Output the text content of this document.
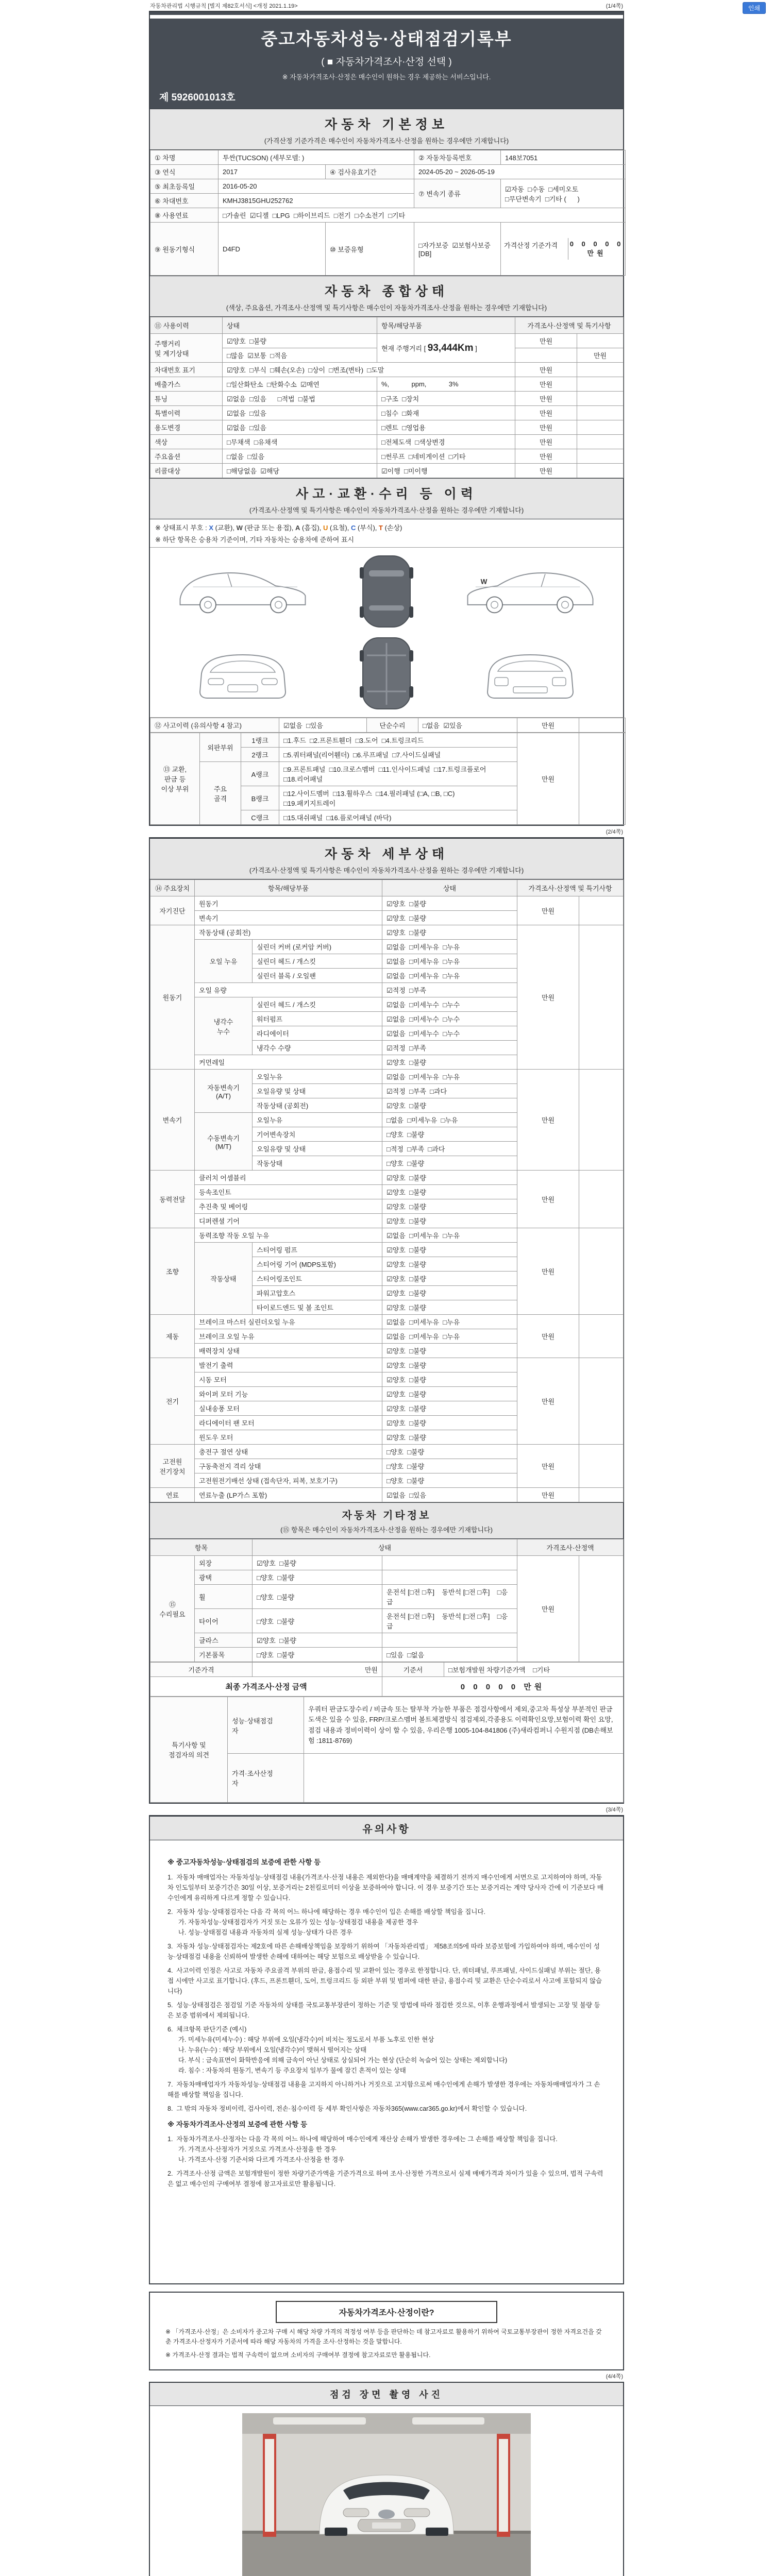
인쇄
자동차관리법 시행규칙 [별지 제82호서식] <개정 2021.1.19>	(1/4쪽)
중고자동차성능·상태점검기록부
( ■ 자동차가격조사·산정 선택 )
※ 자동차가격조사·산정은 매수인이 원하는 경우 제공하는 서비스입니다.
제 5926001013호
자동차 기본정보
(가격산정 기준가격은 매수인이 자동차가격조사·산정을 원하는 경우에만 기재합니다)
① 차명	투싼(TUCSON) (세부모델: )		② 자동차등록번호	148보7051
③ 연식	2017	④ 검사유효기간	2024-05-20 ~ 2026-05-19	
⑤ 최초등록일	2016-05-20		⑦ 변속기 종류	☑자동  □수동  □세미오토
□무단변속기  □기타 (      )
⑥ 차대번호	KMHJ3815GHU252762			
⑧ 사용연료	□가솔린  ☑디젤  □LPG  □하이브리드  □전기  □수소전기  □기타			
⑨ 원동기형식	D4FD	⑩ 보증유형	□자가보증  ☑보험사보증 [DB]	가격산정 기준가격 0 0 0 0 0 만원

자동차 종합상태
(색상, 주요옵션, 가격조사·산정액 및 특기사항은 매수인이 자동차가격조사·산정을 원하는 경우에만 기재합니다)
⑪ 사용이력	상태	항목/해당부품	가격조사·산정액 및 특기사항		
주행거리
및 계기상태	☑양호  □불량	현재 주행거리 [ 93,444Km ]	만원		
	□많음  ☑보통  □적음			만원	
차대번호 표기	☑양호  □부식  □훼손(오손)  □상이  □변조(변타)  □도말		만원		
배출가스	□일산화탄소  □탄화수소  ☑매연	%,            ppm,            3%	만원		
튜닝	☑없음  □있음      □적법  □불법	□구조  □장치	만원		
특별이력	☑없음  □있음	□침수  □화재	만원		
용도변경	☑없음  □있음	□렌트  □영업용	만원		
색상	□무채색  □유채색	□전체도색  □색상변경	만원		
주요옵션	□없음  □있음	□썬루프  □네비게이션  □기타	만원		
리콜대상	□해당없음  ☑해당	☑이행  □미이행	만원		
사고·교환·수리 등 이력
(가격조사·산정액 및 특기사항은 매수인이 자동차가격조사·산정을 원하는 경우에만 기재합니다)
※ 상태표시 부호 : X (교환), W (판금 또는 용접), A (흠집), U (요철), C (부식), T (손상)
※ 하단 항목은 승용차 기준이며, 기타 자동차는 승용차에 준하여 표시
W
⑫ 사고이력 (유의사항 4 참고)	☑없음  □있음	단순수리	□없음  ☑있음	만원	
⑬ 교환,
판금 등
이상 부위	외판부위	1랭크	□1.후드  □2.프론트휀더  □3.도어  □4.트렁크리드	만원	
		2랭크	□5.쿼터패널(리어휀더)  □6.루프패널  □7.사이드실패널		
	주요
골격	A랭크	□9.프론트패널  □10.크로스멤버  □11.인사이드패널  □17.트렁크플로어
□18.리어패널		
		B랭크	□12.사이드멤버  □13.휠하우스  □14.필러패널 (□A, □B, □C)
□19.패키지트레이		
		C랭크	□15.대쉬패널  □16.플로어패널 (바닥)		
(2/4쪽)
자동차 세부상태
(가격조사·산정액 및 특기사항은 매수인이 자동차가격조사·산정을 원하는 경우에만 기재합니다)
⑭ 주요장치	항목/해당부품		상태	가격조사·산정액 및 특기사항	
자기진단	원동기		☑양호  □불량	만원	
	변속기		☑양호  □불량		
원동기	작동상태 (공회전)		☑양호  □불량	만원	
	오일 누유	실린더 커버 (로커암 커버)	☑없음  □미세누유  □누유		
		실린더 헤드 / 개스킷	☑없음  □미세누유  □누유		
		실린더 블록 / 오일팬	☑없음  □미세누유  □누유		
	오일 유량		☑적정  □부족		
	냉각수
누수	실린더 헤드 / 개스킷	☑없음  □미세누수  □누수		
		워터펌프	☑없음  □미세누수  □누수		
		라디에이터	☑없음  □미세누수  □누수		
		냉각수 수량	☑적정  □부족		
	커먼레일		☑양호  □불량		
변속기	자동변속기
(A/T)	오일누유	☑없음  □미세누유  □누유	만원	
		오일유량 및 상태	☑적정  □부족  □과다		
		작동상태 (공회전)	☑양호  □불량		
	수동변속기
(M/T)	오일누유	□없음  □미세누유  □누유		
		기어변속장치	□양호  □불량		
		오일유량 및 상태	□적정  □부족  □과다		
		작동상태	□양호  □불량		
동력전달	클러치 어셈블리		☑양호  □불량	만원	
	등속조인트		☑양호  □불량		
	추진축 및 베어링		☑양호  □불량		
	디퍼렌셜 기어		☑양호  □불량		
조향	동력조향 작동 오일 누유		☑없음  □미세누유  □누유	만원	
	작동상태	스티어링 펌프	☑양호  □불량		
		스티어링 기어 (MDPS포함)	☑양호  □불량		
		스티어링조인트	☑양호  □불량		
		파워고압호스	☑양호  □불량		
		타이로드엔드 및 볼 조인트	☑양호  □불량		
제동	브레이크 마스터 실린더오일 누유		☑없음  □미세누유  □누유	만원	
	브레이크 오일 누유		☑없음  □미세누유  □누유		
	배력장치 상태		☑양호  □불량		
전기	발전기 출력		☑양호  □불량	만원	
	시동 모터		☑양호  □불량		
	와이퍼 모터 기능		☑양호  □불량		
	실내송풍 모터		☑양호  □불량		
	라디에이터 팬 모터		☑양호  □불량		
	윈도우 모터		☑양호  □불량		
고전원
전기장치	충전구 절연 상태		□양호  □불량	만원	
	구동축전지 격리 상태		□양호  □불량		
	고전원전기배선 상태 (접속단자, 피복, 보호기구)		□양호  □불량		
연료	연료누출 (LP가스 포함)		☑없음  □있음	만원	
자동차 기타정보
(⑮ 항목은 매수인이 자동차가격조사·산정을 원하는 경우에만 기재합니다)
항목		상태		가격조사·산정액	
⑮
수리필요	외장	☑양호  □불량		만원	
	광택	□양호  □불량			
	휠	□양호  □불량	운전석 [□전 □후]    동반석 [□전 □후]    □응급		
	타이어	□양호  □불량	운전석 [□전 □후]    동반석 [□전 □후]    □응급		
	글라스	☑양호  □불량			
	기본품목	□양호  □불량	□있음  □없음		
기준가격	만원	기준서	□보험개발원 차량기준가액    □기타
최종 가격조사·산정 금액		0 0 0 0 0 만원	
특기사항 및
점검자의 의견	성능·상태점검
자	우쿼터 판금도장수리 / 비금속 또는 탈부착 가능한 부품은 점검사항에서 제외,중고차 특성상 부분적인 판금도색은 있을 수 있음, FRP/크로스멤버 볼트체결방식 점검제외,각종용도 이력확인요망,보험이력 확인 요망, 점검 내용과 정비이력이 상이 할 수 있음, 우리은행 1005-104-841806 (주)새라컴퍼니 수원지점 (DB손해보험 :1811-8769)
	가격·조사산정
자	
(3/4쪽)
유의사항
※ 중고자동차성능·상태점검의 보증에 관한 사항 등
1.  자동차 매매업자는 자동차성능·상태점검 내용(가격조사·산정 내용은 제외한다)을 매매계약을 체결하기 전까지 매수인에게 서면으로 고지하여야 하며, 자동차 인도일부터 보증기간은 30일 이상, 보증거리는 2천킬로미터 이상을 보증하여야 합니다. 이 경우 보증기간 또는 보증거리는 계약 당사자 간에 이 기준보다 매수인에게 유리하게 다르게 정할 수 있습니다.
2.  자동차 성능·상태점검자는 다음 각 목의 어느 하나에 해당하는 경우 매수인이 입은 손해를 배상할 책임을 집니다.
가. 자동차성능·상태점검자가 거짓 또는 오류가 있는 성능·상태점검 내용을 제공한 경우
나. 성능·상태점검 내용과 자동차의 실제 성능·상태가 다른 경우
3.  자동차 성능·상태점검자는 제2호에 따른 손해배상책임을 보장하기 위하여 「자동차관리법」 제58조의5에 따라 보증보험에 가입하여야 하며, 매수인이 성능·상태점검 내용을 신뢰하여 발생한 손해에 대하여는 해당 보험으로 배상받을 수 있습니다.
4.  사고이력 인정은 사고로 자동차 주요골격 부위의 판금, 용접수리 및 교환이 있는 경우로 한정합니다. 단, 쿼터패널, 루프패널, 사이드실패널 부위는 절단, 용접 시에만 사고로 표기합니다. (후드, 프론트휀더, 도어, 트렁크리드 등 외판 부위 및 범퍼에 대한 판금, 용접수리 및 교환은 단순수리로서 사고에 포함되지 않습니다)
5.  성능·상태점검은 점검일 기준 자동차의 상태를 국토교통부장관이 정하는 기준 및 방법에 따라 점검한 것으로, 이후 운행과정에서 발생되는 고장 및 불량 등은 보증 범위에서 제외됩니다.
6.  체크항목 판단기준 (예시)
가. 미세누유(미세누수) : 해당 부위에 오일(냉각수)이 비치는 정도로서 부품 노후로 인한 현상
나. 누유(누수) : 해당 부위에서 오일(냉각수)이 맺혀서 떨어지는 상태
다. 부식 : 금속표면이 화학반응에 의해 금속이 아닌 상태로 상실되어 가는 현상 (단순히 녹슬어 있는 상태는 제외합니다)
라. 침수 : 자동차의 원동기, 변속기 등 주요장치 일부가 물에 잠긴 흔적이 있는 상태
7.  자동차매매업자가 자동차성능·상태점검 내용을 고지하지 아니하거나 거짓으로 고지함으로써 매수인에게 손해가 발생한 경우에는 자동차매매업자가 그 손해를 배상할 책임을 집니다.
8.  그 밖의 자동차 정비이력, 검사이력, 전손·침수이력 등 세부 확인사항은 자동차365(www.car365.go.kr)에서 확인할 수 있습니다.
※ 자동차가격조사·산정의 보증에 관한 사항 등
1.  자동차가격조사·산정자는 다음 각 목의 어느 하나에 해당하여 매수인에게 재산상 손해가 발생한 경우에는 그 손해를 배상할 책임을 집니다.
가. 가격조사·산정자가 거짓으로 가격조사·산정을 한 경우
나. 가격조사·산정 기준서와 다르게 가격조사·산정을 한 경우
2.  가격조사·산정 금액은 보험개발원이 정한 차량기준가액을 기준가격으로 하여 조사·산정한 가격으로서 실제 매매가격과 차이가 있을 수 있으며, 법적 구속력은 없고 매수인의 구매여부 결정에 참고자료로만 활용됩니다.
자동차가격조사·산정이란?
※ 「가격조사·산정」은 소비자가 중고차 구매 시 해당 차량 가격의 적정성 여부 등을 판단하는 데 참고자료로 활용하기 위하여 국토교통부장관이 정한 자격요건을 갖춘 가격조사·산정자가 기준서에 따라 해당 자동차의 가격을 조사·산정하는 것을 말합니다.
※ 가격조사·산정 결과는 법적 구속력이 없으며 소비자의 구매여부 결정에 참고자료로만 활용됩니다.
(4/4쪽)
점검 장면 촬영 사진
